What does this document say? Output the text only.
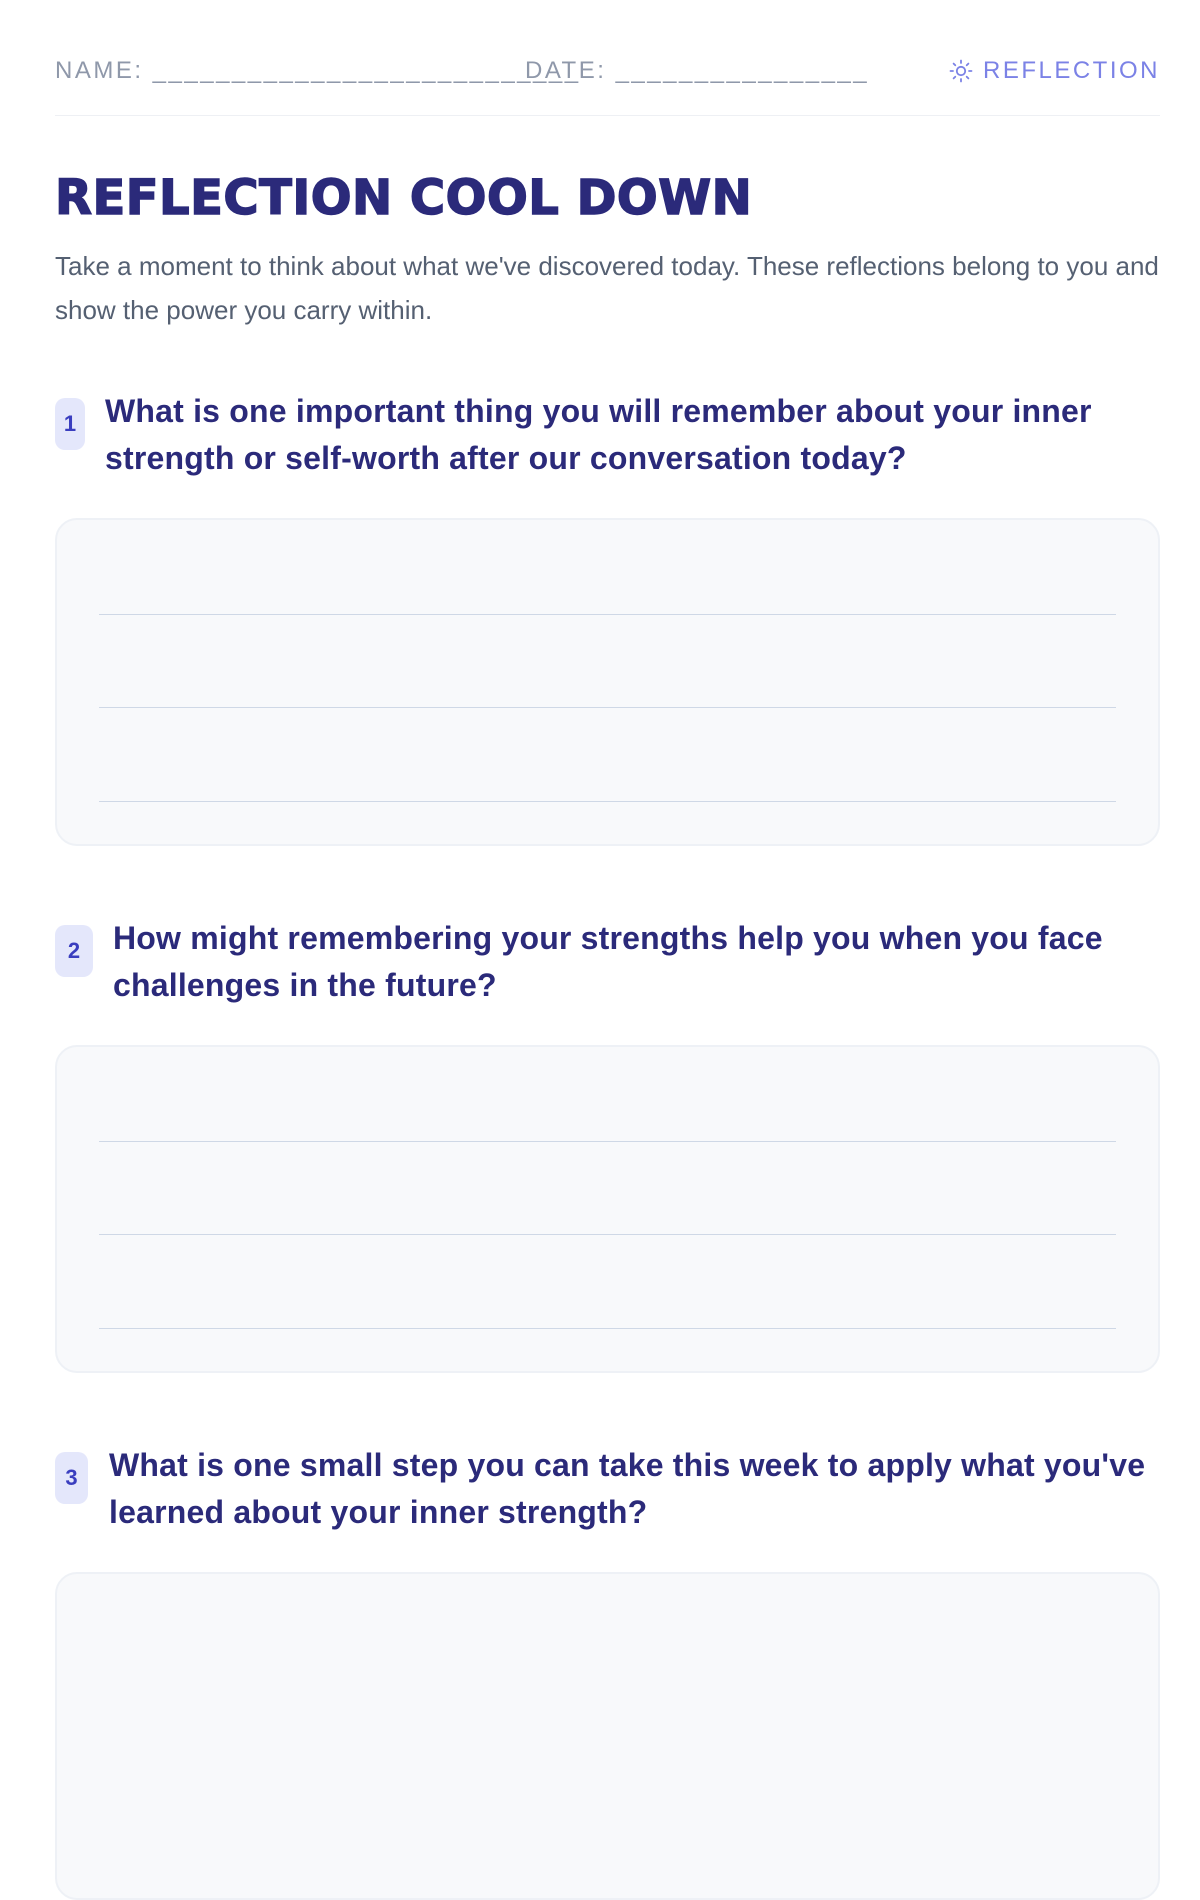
NAME: ___________________________
DATE: ________________	REFLECTION
REFLECTION COOL DOWN

Take a moment to think about what we've discovered today. These reflections belong to you and show the power you carry within.

1 What is one important thing you will remember about your inner strength or self-worth after our conversation today?

2	How might remembering your strengths help you when you face challenges in the future?

3 What is one small step you can take this week to apply what you've learned about your inner strength?
